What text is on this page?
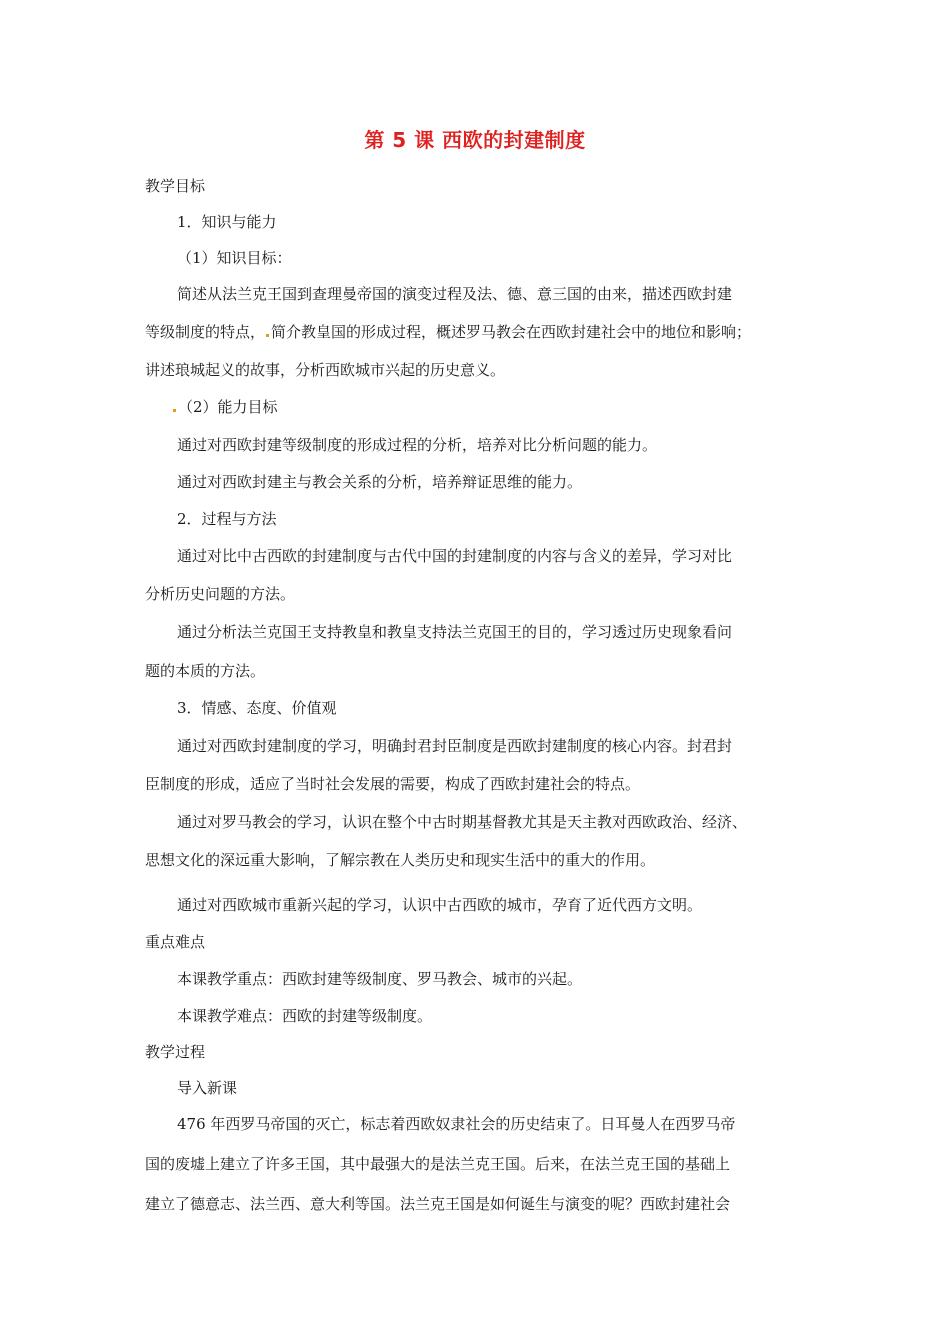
第 5 课 西欧的封建制度
教学目标
1．知识与能力
（1）知识目标：
简述从法兰克王国到查理曼帝国的演变过程及法、德、意三国的由来，描述西欧封建
等级制度的特点， 简介教皇国的形成过程，概述罗马教会在西欧封建社会中的地位和影响；
讲述琅城起义的故事，分析西欧城市兴起的历史意义。
（2）能力目标
通过对西欧封建等级制度的形成过程的分析，培养对比分析问题的能力。
通过对西欧封建主与教会关系的分析，培养辩证思维的能力。
2．过程与方法
通过对比中古西欧的封建制度与古代中国的封建制度的内容与含义的差异，学习对比
分析历史问题的方法。
通过分析法兰克国王支持教皇和教皇支持法兰克国王的目的，学习透过历史现象看问
题的本质的方法。
3．情感、态度、价值观
通过对西欧封建制度的学习，明确封君封臣制度是西欧封建制度的核心内容。封君封
臣制度的形成，适应了当时社会发展的需要，构成了西欧封建社会的特点。
通过对罗马教会的学习，认识在整个中古时期基督教尤其是天主教对西欧政治、经济、
思想文化的深远重大影响，了解宗教在人类历史和现实生活中的重大的作用。
通过对西欧城市重新兴起的学习，认识中古西欧的城市，孕育了近代西方文明。
重点难点
本课教学重点：西欧封建等级制度、罗马教会、城市的兴起。
本课教学难点：西欧的封建等级制度。
教学过程
导入新课
476 年西罗马帝国的灭亡，标志着西欧奴隶社会的历史结束了。日耳曼人在西罗马帝
国的废墟上建立了许多王国，其中最强大的是法兰克王国。后来，在法兰克王国的基础上
建立了德意志、法兰西、意大利等国。法兰克王国是如何诞生与演变的呢？西欧封建社会
